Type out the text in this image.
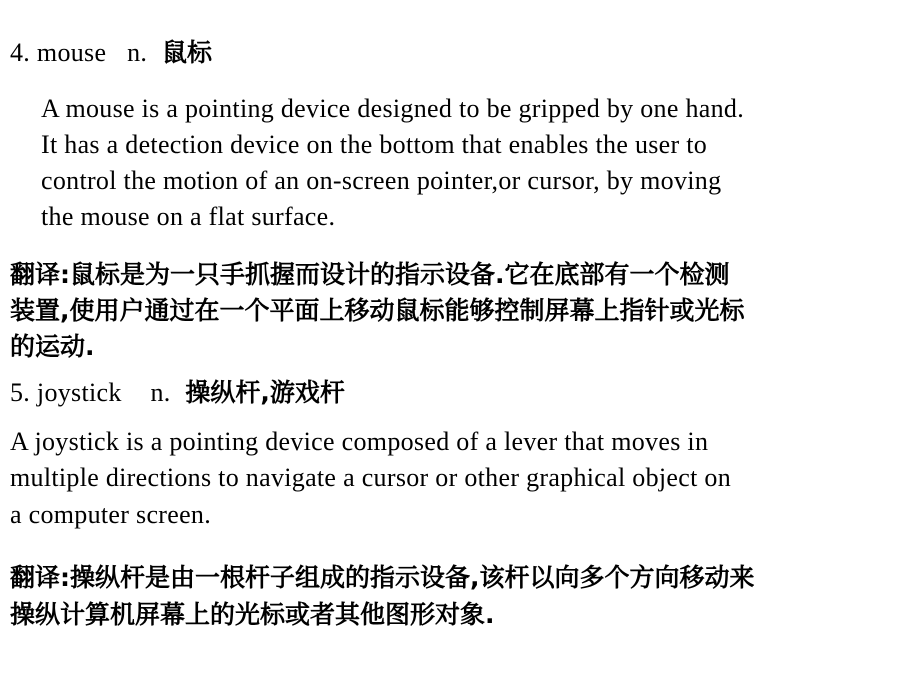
4. mouse n. 鼠标
A mouse is a pointing device designed to be gripped by one hand.
It has a detection device on the bottom that enables the user to
control the motion of an on-screen pointer,or cursor, by moving
the mouse on a flat surface.
翻译:鼠标是为一只手抓握而设计的指示设备.它在底部有一个检测
装置,使用户通过在一个平面上移动鼠标能够控制屏幕上指针或光标
的运动.
5. joystick n. 操纵杆,游戏杆
A joystick is a pointing device composed of a lever that moves in
multiple directions to navigate a cursor or other graphical object on
a computer screen.
翻译:操纵杆是由一根杆子组成的指示设备,该杆以向多个方向移动来
操纵计算机屏幕上的光标或者其他图形对象.
